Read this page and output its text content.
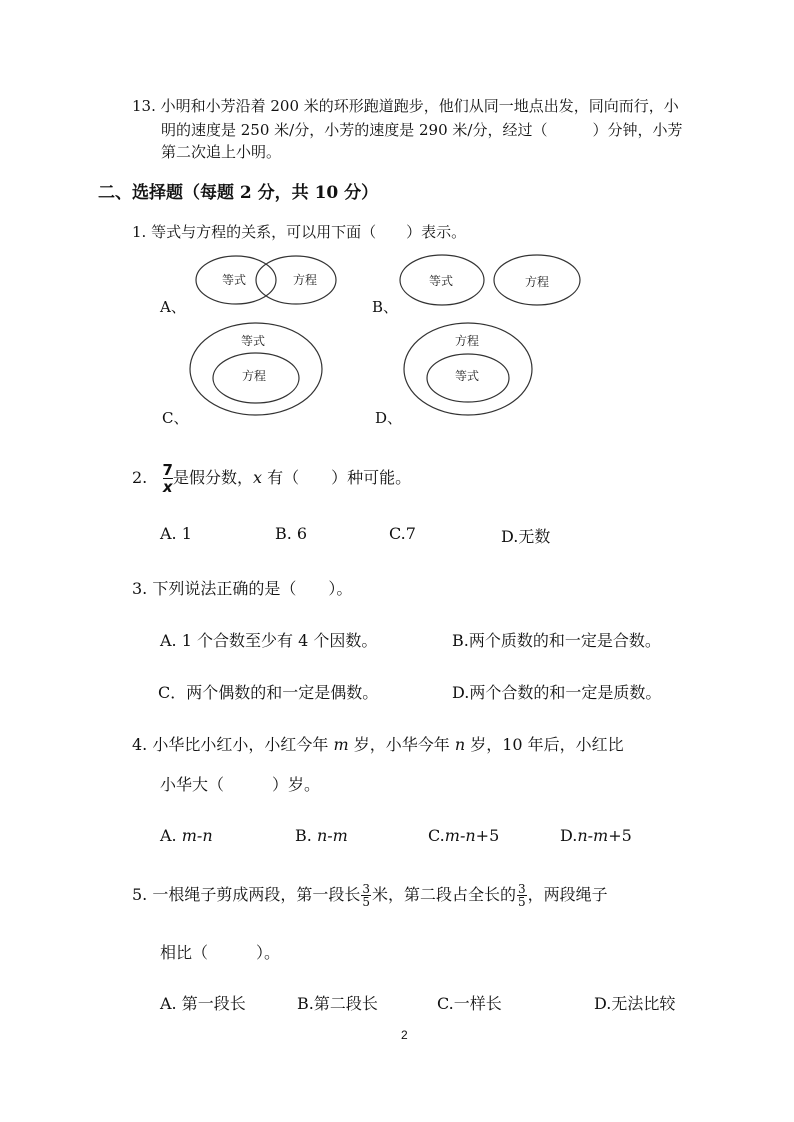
13. 小明和小芳沿着 200 米的环形跑道跑步，他们从同一地点出发，同向而行，小
明的速度是 250 米/分，小芳的速度是 290 米/分，经过（　　　）分钟，小芳
第二次追上小明。
二、选择题（每题 2 分，共 10 分）
1. 等式与方程的关系，可以用下面（　　）表示。
等式	方程	等式	方程
等式
方程
方程
等式
A、	B、
C、	D、
2. $\frac{7}{x}$ 是假分数，x 有（　　）种可能。
A. 1	B. 6	C.7	D.无数
3. 下列说法正确的是（　　）。
A. 1 个合数至少有 4 个因数。	B.两个质数的和一定是合数。
C．两个偶数的和一定是偶数。	D.两个合数的和一定是质数。
4. 小华比小红小，小红今年 m 岁，小华今年 n 岁，10 年后，小红比
小华大（　　　）岁。
A. m-n	B. n-m	C.m-n+5	D.n-m+5
5. 一根绳子剪成两段，第一段长 $\frac{3}{5}$ 米，第二段占全长的 $\frac{3}{5}$ ，两段绳子
相比（　　　）。
A. 第一段长	B.第二段长	C.一样长	D.无法比较
2
